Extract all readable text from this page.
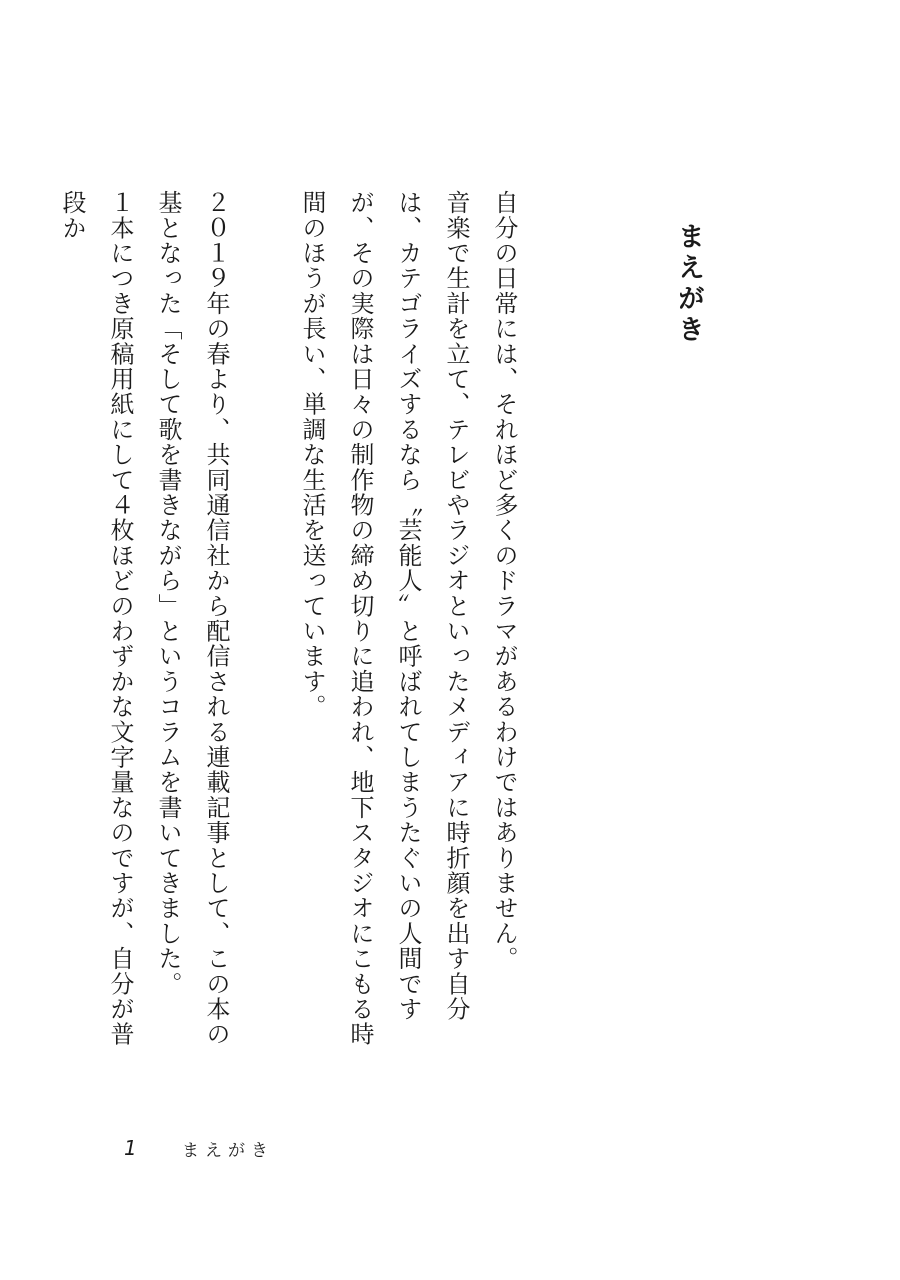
まえがき

自分の日常には、それほど多くのドラマがあるわけではありません。

音楽で生計を立て、テレビやラジオといったメディアに時折顔を出す自分は、カテゴライズするなら〝芸能人〟と呼ばれてしまうたぐいの人間ですが、その実際は日々の制作物の締め切りに追われ、地下スタジオにこもる時間のほうが長い、単調な生活を送っています。

２０１９年の春より、共同通信社から配信される連載記事として、この本の基となった「そして歌を書きながら」というコラムを書いてきました。

１本につき原稿用紙にして４枚ほどのわずかな文字量なのですが、自分が普段か

1	まえがき
